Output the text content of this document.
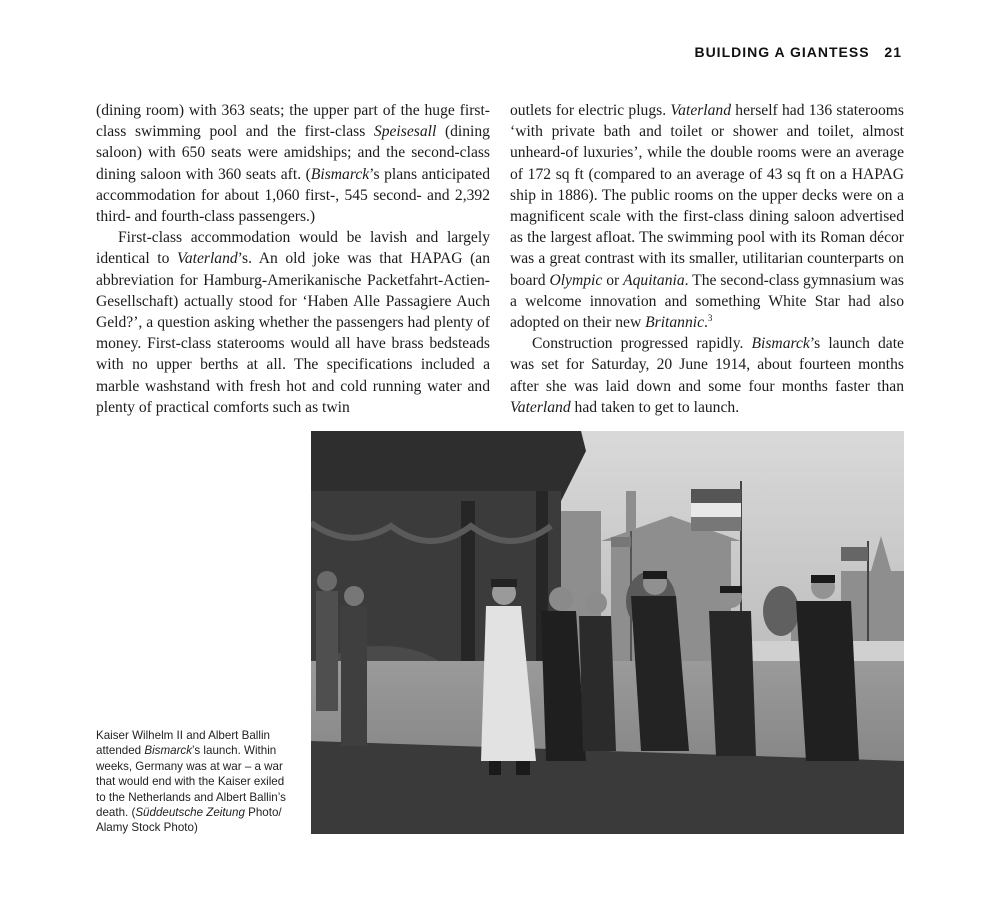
BUILDING A GIANTESS 21

(dining room) with 363 seats; the upper part of the huge first-class swimming pool and the first-class Speisesall (dining saloon) with 650 seats were amidships; and the second-class dining saloon with 360 seats aft. (Bismarck’s plans anticipated accommodation for about 1,060 first-, 545 second- and 2,392 third- and fourth-class passengers.)

First-class accommodation would be lavish and largely identical to Vaterland’s. An old joke was that HAPAG (an abbreviation for Hamburg-Amerikanische Packetfahrt-Actien-Gesellschaft) actually stood for ‘Haben Alle Passagiere Auch Geld?’, a question asking whether the passengers had plenty of money. First-class staterooms would all have brass bedsteads with no upper berths at all. The specifications included a marble washstand with fresh hot and cold running water and plenty of practical comforts such as twin

outlets for electric plugs. Vaterland herself had 136 staterooms ‘with private bath and toilet or shower and toilet, almost unheard-of luxuries’, while the double rooms were an average of 172 sq ft (compared to an average of 43 sq ft on a HAPAG ship in 1886). The public rooms on the upper decks were on a magnificent scale with the first-class dining saloon advertised as the largest afloat. The swimming pool with its Roman décor was a great contrast with its smaller, utilitarian counterparts on board Olympic or Aquitania. The second-class gymnasium was a welcome innovation and something White Star had also adopted on their new Britannic.$^3$

Construction progressed rapidly. Bismarck’s launch date was set for Saturday, 20 June 1914, about fourteen months after she was laid down and some four months faster than Vaterland had taken to get to launch.

Kaiser Wilhelm II and Albert Ballin attended Bismarck’s launch. Within weeks, Germany was at war – a war that would end with the Kaiser exiled to the Netherlands and Albert Ballin’s death. (Süddeutsche Zeitung Photo/ Alamy Stock Photo)
